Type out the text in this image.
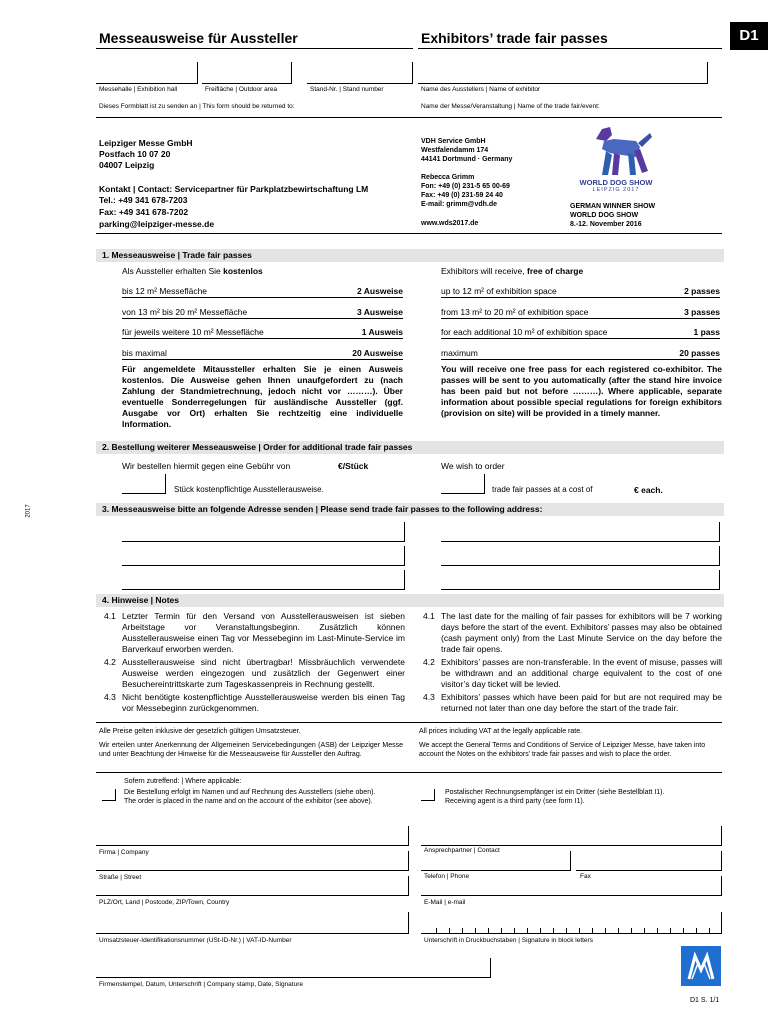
Messeausweise für Aussteller	Exhibitors’ trade fair passes	D1
Messehalle | Exhibition hall	Freifläche | Outdoor area	Stand-Nr. | Stand number	Name des Ausstellers | Name of exhibitor
Dieses Formblatt ist zu senden an | This form should be returned to:	Name der Messe/Veranstaltung | Name of the trade fair/event:
Leipziger Messe GmbH
Postfach 10 07 20
04007 Leipzig
Kontakt | Contact: Servicepartner für Parkplatzbewirtschaftung LM
Tel.: +49 341 678-7203
Fax: +49 341 678-7202
parking@leipziger-messe.de
VDH Service GmbH
Westfalendamm 174
44141 Dortmund · Germany
Rebecca Grimm
Fon: +49 (0) 231-5 65 00-69
Fax: +49 (0) 231-59 24 40
E-mail: grimm@vdh.de
www.wds2017.de
WORLD DOG SHOW
LEIPZIG 2017
GERMAN WINNER SHOW
WORLD DOG SHOW
8.-12. November 2016
1. Messeausweise | Trade fair passes
Als Aussteller erhalten Sie kostenlos	Exhibitors will receive, free of charge
bis 12 m² Messefläche	2 Ausweise
von 13 m² bis 20 m² Messefläche	3 Ausweise
für jeweils weitere 10 m² Messefläche	1 Ausweis
bis maximal	20 Ausweise
up to 12 m² of exhibition space	2 passes
from 13 m² to 20 m² of exhibition space	3 passes
for each additional 10 m² of exhibition space	1 pass
maximum	20 passes
Für angemeldete Mitaussteller erhalten Sie je einen Ausweis kostenlos. Die Ausweise gehen Ihnen unaufgefordert zu (nach Zahlung der Standmietrechnung, jedoch nicht vor ………). Über eventuelle Sonderregelungen für ausländische Aussteller (ggf. Ausgabe vor Ort) erhalten Sie rechtzeitig eine individuelle Information.
You will receive one free pass for each registered co-exhibitor. The passes will be sent to you automatically (after the stand hire invoice has been paid but not before ………). Where applicable, separate information about possible special regulations for foreign exhibitors (provision on site) will be provided in a timely manner.
2. Bestellung weiterer Messeausweise | Order for additional trade fair passes
Wir bestellen hiermit gegen eine Gebühr von	€/Stück	We wish to order
Stück kostenpflichtige Ausstellerausweise.	trade fair passes at a cost of	€ each.
3. Messeausweise bitte an folgende Adresse senden | Please send trade fair passes to the following address:
2017
4. Hinweise | Notes
4.1 Letzter Termin für den Versand von Ausstellerausweisen ist sieben Arbeitstage vor Veranstaltungsbeginn. Zusätzlich können Ausstellerausweise einen Tag vor Messebeginn im Last-Minute-Service im Barverkauf erworben werden.
4.2 Ausstellerausweise sind nicht übertragbar! Missbräuchlich verwendete Ausweise werden eingezogen und zusätzlich der Gegenwert einer Besuchereintrittskarte zum Tageskassenpreis in Rechnung gestellt.
4.3 Nicht benötigte kostenpflichtige Ausstellerausweise werden bis einen Tag vor Messebeginn zurückgenommen.
4.1 The last date for the mailing of fair passes for exhibitors will be 7 working days before the start of the event. Exhibitors’ passes may also be obtained (cash payment only) from the Last Minute Service on the day before the trade fair opens.
4.2 Exhibitors’ passes are non-transferable. In the event of misuse, passes will be withdrawn and an additional charge equivalent to the cost of one visitor’s day ticket will be levied.
4.3 Exhibitors’ passes which have been paid for but are not required may be returned not later than one day before the start of the trade fair.
Alle Preise gelten inklusive der gesetzlich gültigen Umsatzsteuer.	All prices including VAT at the legally applicable rate.
Wir erteilen unter Anerkennung der Allgemeinen Servicebedingungen (ASB) der Leipziger Messe und unter Beachtung der Hinweise für die Messeausweise für Aussteller den Auftrag.
We accept the General Terms and Conditions of Service of Leipziger Messe, have taken into account the Notes on the exhibitors’ trade fair passes and wish to place the order.
Sofern zutreffend: | Where applicable:
Die Bestellung erfolgt im Namen und auf Rechnung des Ausstellers (siehe oben).
The order is placed in the name and on the account of the exhibitor (see above).
Postalischer Rechnungsempfänger ist ein Dritter (siehe Bestellblatt I1).
Receiving agent is a third party (see form I1).
Firma | Company	Ansprechpartner | Contact
Straße | Street	Telefon | Phone	Fax
PLZ/Ort, Land | Postcode, ZIP/Town, Country	E-Mail | e-mail
Umsatzsteuer-Identifikationsnummer (USt-ID-Nr.) | VAT-ID-Number	Unterschrift in Druckbuchstaben | Signature in block letters
Firmenstempel, Datum, Unterschrift | Company stamp, Date, Signature
D1 S. 1/1
